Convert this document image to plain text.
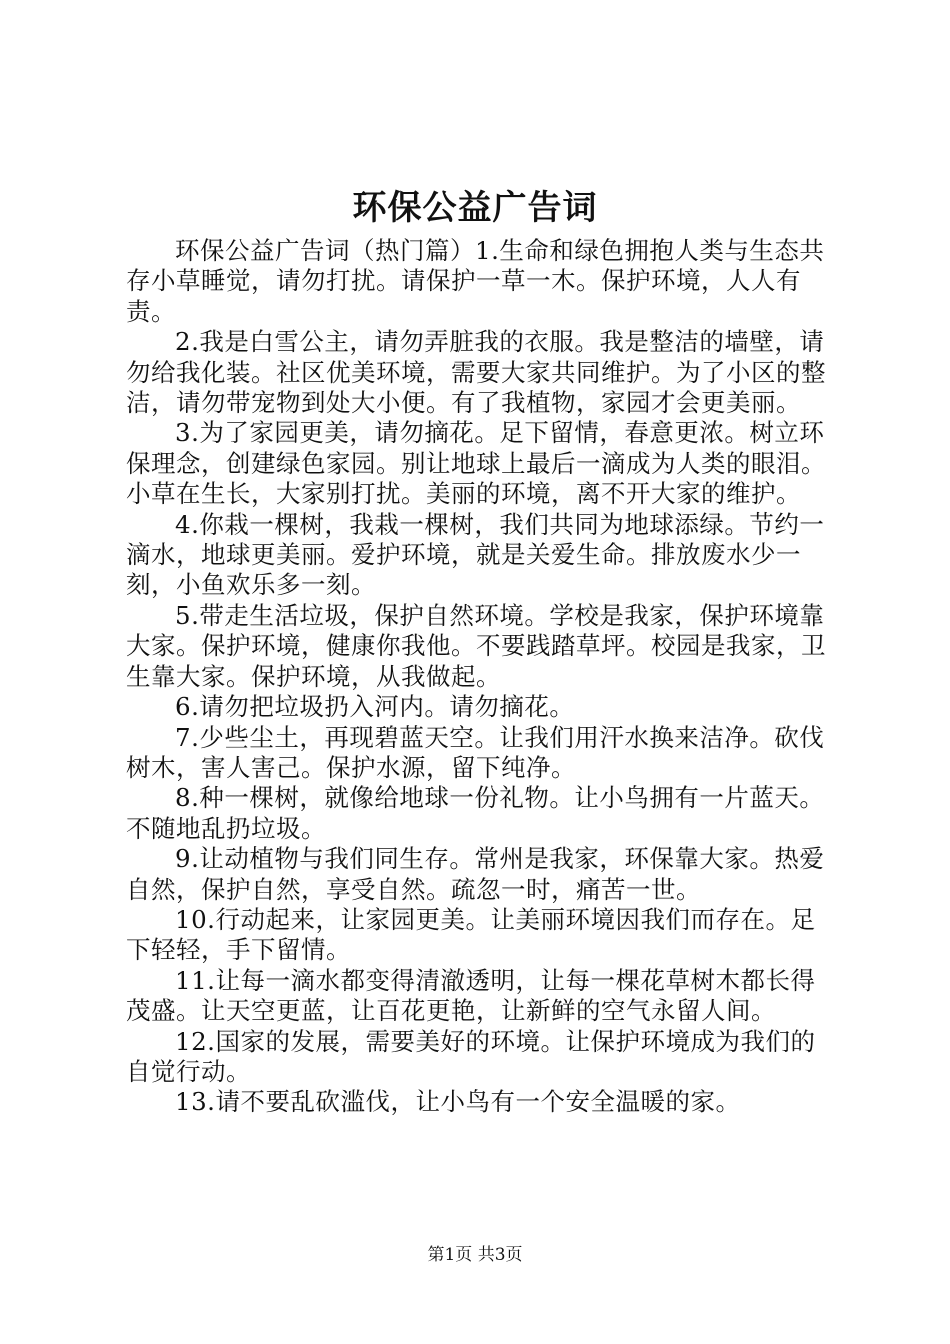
环保公益广告词

环保公益广告词（热门篇）1.生命和绿色拥抱人类与生态共存小草睡觉，请勿打扰。请保护一草一木。保护环境，人人有责。

2.我是白雪公主，请勿弄脏我的衣服。我是整洁的墙壁，请勿给我化装。社区优美环境，需要大家共同维护。为了小区的整洁，请勿带宠物到处大小便。有了我植物，家园才会更美丽。

3.为了家园更美，请勿摘花。足下留情，春意更浓。树立环保理念，创建绿色家园。别让地球上最后一滴成为人类的眼泪。小草在生长，大家别打扰。美丽的环境，离不开大家的维护。

4.你栽一棵树，我栽一棵树，我们共同为地球添绿。节约一滴水，地球更美丽。爱护环境，就是关爱生命。排放废水少一刻，小鱼欢乐多一刻。

5.带走生活垃圾，保护自然环境。学校是我家，保护环境靠大家。保护环境，健康你我他。不要践踏草坪。校园是我家，卫生靠大家。保护环境，从我做起。

6.请勿把垃圾扔入河内。请勿摘花。

7.少些尘土，再现碧蓝天空。让我们用汗水换来洁净。砍伐树木，害人害己。保护水源，留下纯净。

8.种一棵树，就像给地球一份礼物。让小鸟拥有一片蓝天。不随地乱扔垃圾。

9.让动植物与我们同生存。常州是我家，环保靠大家。热爱自然，保护自然，享受自然。疏忽一时，痛苦一世。

10.行动起来，让家园更美。让美丽环境因我们而存在。足下轻轻，手下留情。

11.让每一滴水都变得清澈透明，让每一棵花草树木都长得茂盛。让天空更蓝，让百花更艳，让新鲜的空气永留人间。

12.国家的发展，需要美好的环境。让保护环境成为我们的自觉行动。

13.请不要乱砍滥伐，让小鸟有一个安全温暖的家。

第1页 共3页
